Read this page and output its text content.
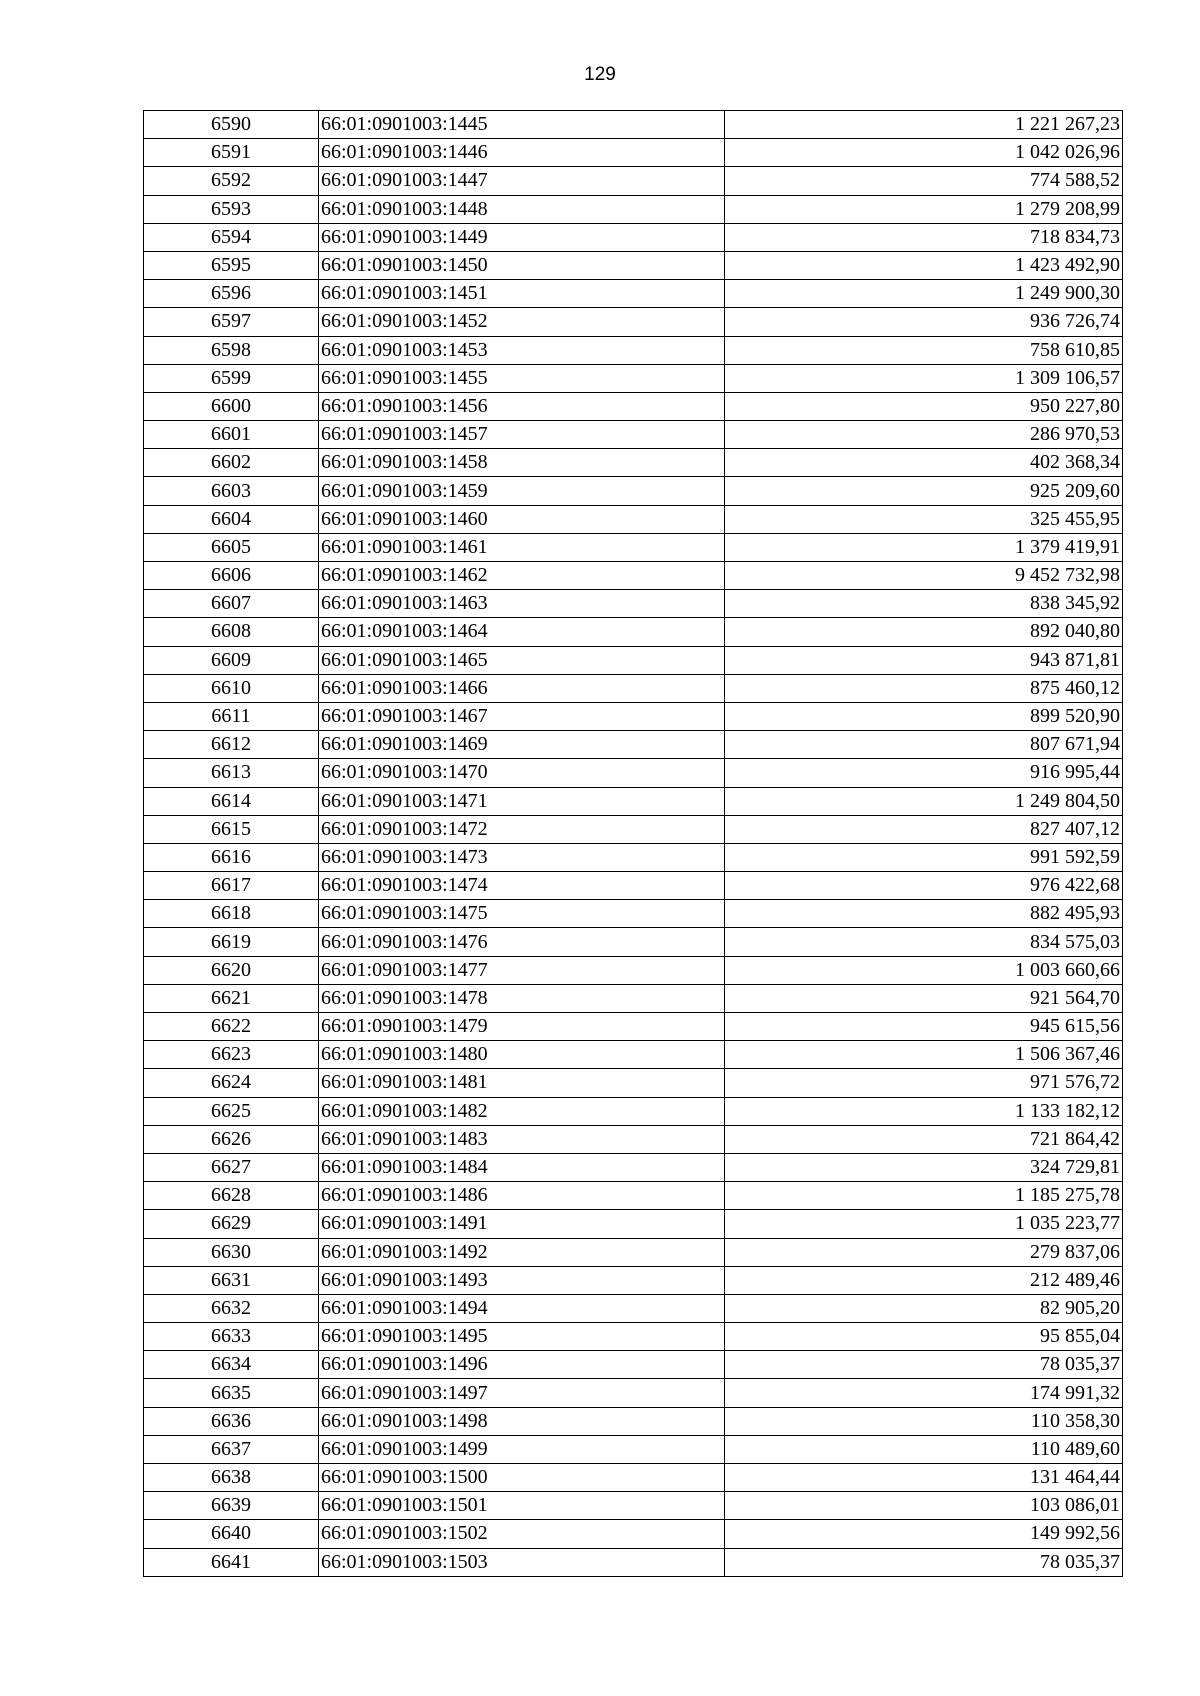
129
6590	66:01:0901003:1445	1 221 267,23
6591	66:01:0901003:1446	1 042 026,96
6592	66:01:0901003:1447	774 588,52
6593	66:01:0901003:1448	1 279 208,99
6594	66:01:0901003:1449	718 834,73
6595	66:01:0901003:1450	1 423 492,90
6596	66:01:0901003:1451	1 249 900,30
6597	66:01:0901003:1452	936 726,74
6598	66:01:0901003:1453	758 610,85
6599	66:01:0901003:1455	1 309 106,57
6600	66:01:0901003:1456	950 227,80
6601	66:01:0901003:1457	286 970,53
6602	66:01:0901003:1458	402 368,34
6603	66:01:0901003:1459	925 209,60
6604	66:01:0901003:1460	325 455,95
6605	66:01:0901003:1461	1 379 419,91
6606	66:01:0901003:1462	9 452 732,98
6607	66:01:0901003:1463	838 345,92
6608	66:01:0901003:1464	892 040,80
6609	66:01:0901003:1465	943 871,81
6610	66:01:0901003:1466	875 460,12
6611	66:01:0901003:1467	899 520,90
6612	66:01:0901003:1469	807 671,94
6613	66:01:0901003:1470	916 995,44
6614	66:01:0901003:1471	1 249 804,50
6615	66:01:0901003:1472	827 407,12
6616	66:01:0901003:1473	991 592,59
6617	66:01:0901003:1474	976 422,68
6618	66:01:0901003:1475	882 495,93
6619	66:01:0901003:1476	834 575,03
6620	66:01:0901003:1477	1 003 660,66
6621	66:01:0901003:1478	921 564,70
6622	66:01:0901003:1479	945 615,56
6623	66:01:0901003:1480	1 506 367,46
6624	66:01:0901003:1481	971 576,72
6625	66:01:0901003:1482	1 133 182,12
6626	66:01:0901003:1483	721 864,42
6627	66:01:0901003:1484	324 729,81
6628	66:01:0901003:1486	1 185 275,78
6629	66:01:0901003:1491	1 035 223,77
6630	66:01:0901003:1492	279 837,06
6631	66:01:0901003:1493	212 489,46
6632	66:01:0901003:1494	82 905,20
6633	66:01:0901003:1495	95 855,04
6634	66:01:0901003:1496	78 035,37
6635	66:01:0901003:1497	174 991,32
6636	66:01:0901003:1498	110 358,30
6637	66:01:0901003:1499	110 489,60
6638	66:01:0901003:1500	131 464,44
6639	66:01:0901003:1501	103 086,01
6640	66:01:0901003:1502	149 992,56
6641	66:01:0901003:1503	78 035,37
